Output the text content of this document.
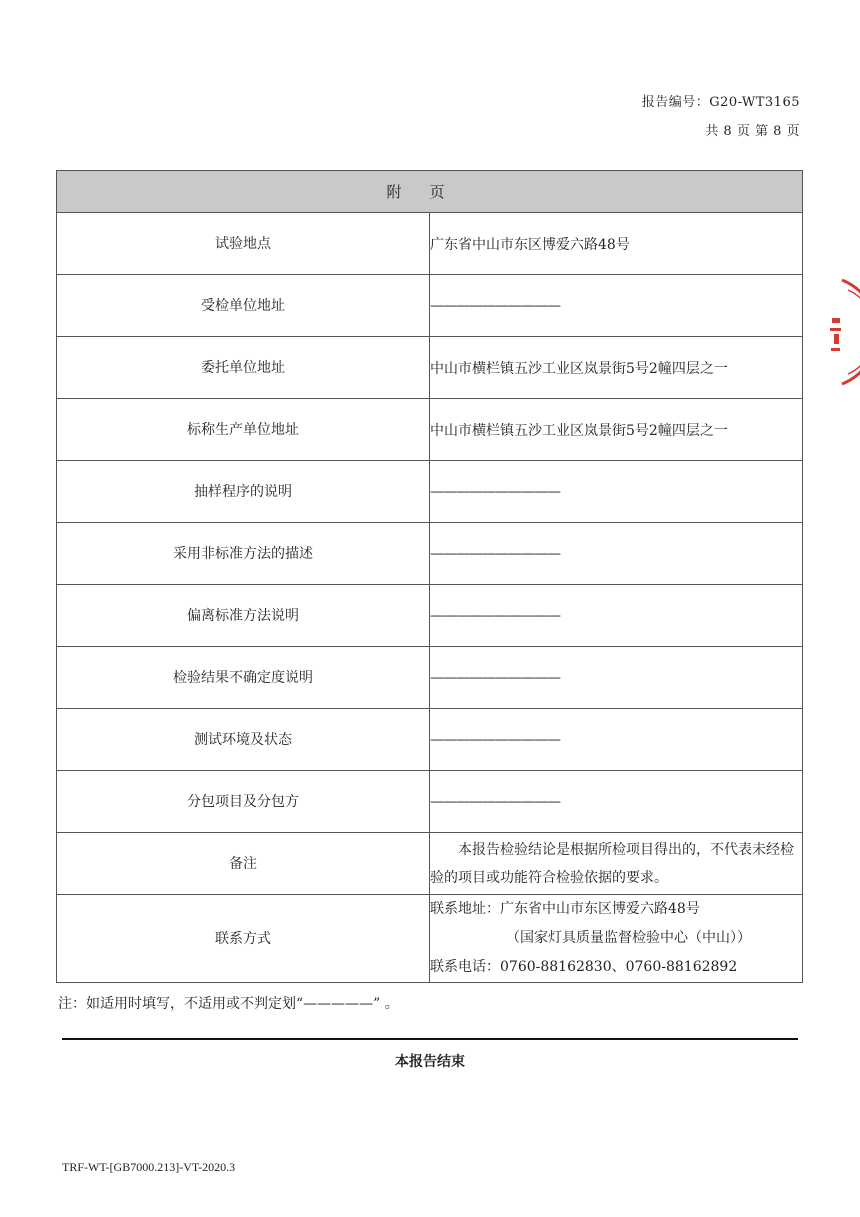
报告编号：G20-WT3165
共 8 页 第 8 页
附页	
试验地点	广东省中山市东区博爱六路48号
受检单位地址	——————————
委托单位地址	中山市横栏镇五沙工业区岚景街5号2幢四层之一
标称生产单位地址	中山市横栏镇五沙工业区岚景街5号2幢四层之一
抽样程序的说明	——————————
采用非标准方法的描述	——————————
偏离标准方法说明	——————————
检验结果不确定度说明	——————————
测试环境及状态	——————————
分包项目及分包方	——————————
备注	本报告检验结论是根据所检项目得出的，不代表未经检验的项目或功能符合检验依据的要求。
联系方式	联系地址：广东省中山市东区博爱六路48号
（国家灯具质量监督检验中心（中山））
联系电话：0760-88162830、0760-88162892
注：如适用时填写，不适用或不判定划“—————” 。
本报告结束
TRF-WT-[GB7000.213]-VT-2020.3
